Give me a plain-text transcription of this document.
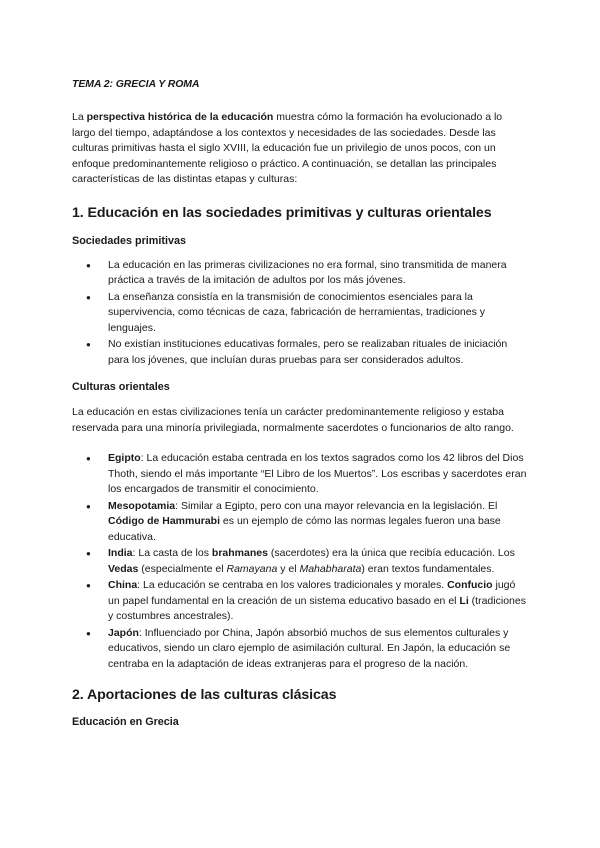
TEMA 2: GRECIA Y ROMA

La perspectiva histórica de la educación muestra cómo la formación ha evolucionado a lo largo del tiempo, adaptándose a los contextos y necesidades de las sociedades. Desde las culturas primitivas hasta el siglo XVIII, la educación fue un privilegio de unos pocos, con un enfoque predominantemente religioso o práctico. A continuación, se detallan las principales características de las distintas etapas y culturas:

1. Educación en las sociedades primitivas y culturas orientales
Sociedades primitivas
● La educación en las primeras civilizaciones no era formal, sino transmitida de manera práctica a través de la imitación de adultos por los más jóvenes.
● La enseñanza consistía en la transmisión de conocimientos esenciales para la supervivencia, como técnicas de caza, fabricación de herramientas, tradiciones y lenguajes.
● No existían instituciones educativas formales, pero se realizaban rituales de iniciación para los jóvenes, que incluían duras pruebas para ser considerados adultos.
Culturas orientales

La educación en estas civilizaciones tenía un carácter predominantemente religioso y estaba reservada para una minoría privilegiada, normalmente sacerdotes o funcionarios de alto rango.

● Egipto: La educación estaba centrada en los textos sagrados como los 42 libros del Dios Thoth, siendo el más importante “El Libro de los Muertos”. Los escribas y sacerdotes eran los encargados de transmitir el conocimiento.
● Mesopotamia: Similar a Egipto, pero con una mayor relevancia en la legislación. El Código de Hammurabi es un ejemplo de cómo las normas legales fueron una base educativa.
● India: La casta de los brahmanes (sacerdotes) era la única que recibía educación. Los Vedas (especialmente el Ramayana y el Mahabharata) eran textos fundamentales.
● China: La educación se centraba en los valores tradicionales y morales. Confucio jugó un papel fundamental en la creación de un sistema educativo basado en el Li (tradiciones y costumbres ancestrales).
● Japón: Influenciado por China, Japón absorbió muchos de sus elementos culturales y educativos, siendo un claro ejemplo de asimilación cultural. En Japón, la educación se centraba en la adaptación de ideas extranjeras para el progreso de la nación.
2. Aportaciones de las culturas clásicas
Educación en Grecia
